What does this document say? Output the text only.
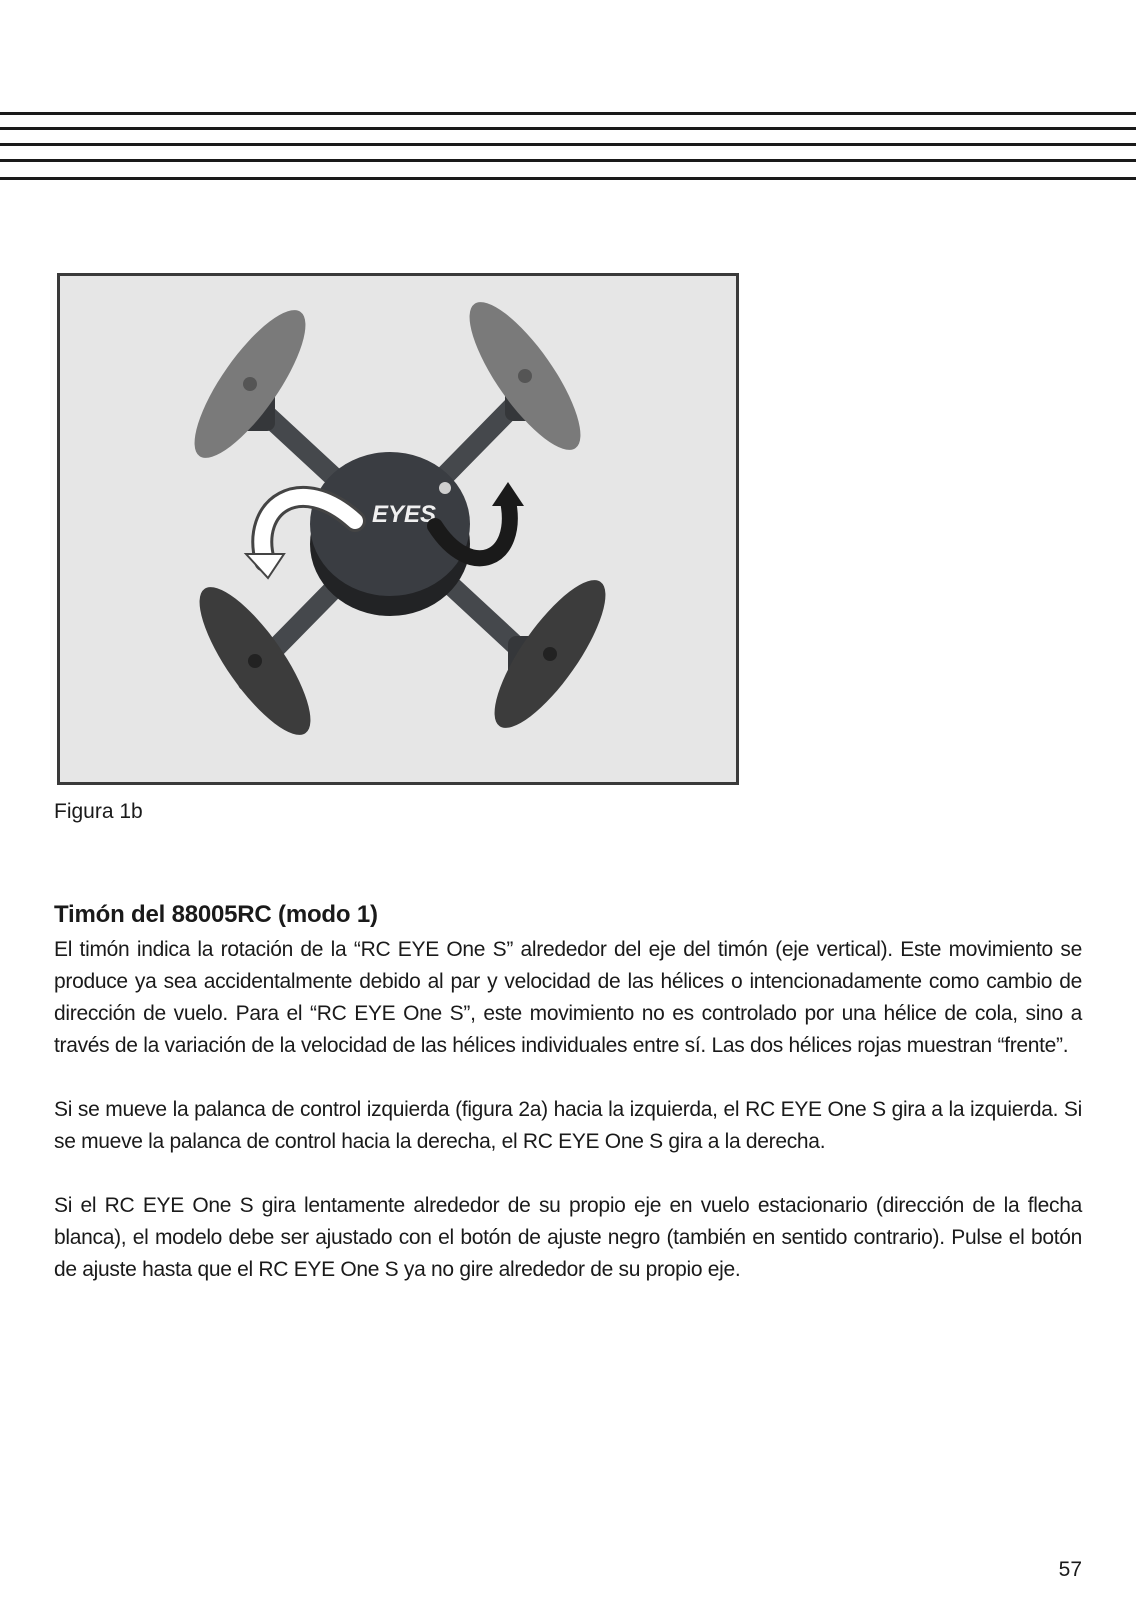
EYES
Figura 1b
Timón del 88005RC (modo 1)

El timón indica la rotación de la “RC EYE One S” alrededor del eje del timón (eje vertical). Este movimiento se produce ya sea accidentalmente debido al par y velocidad de las hélices o intencionadamente como cambio de dirección de vuelo. Para el “RC EYE One S”, este movimiento no es controlado por una hélice de cola, sino a través de la variación de la velocidad de las hélices individuales entre sí. Las dos hélices rojas muestran “frente”.

Si se mueve la palanca de control izquierda (figura 2a) hacia la izquierda, el RC EYE One S gira a la izquierda. Si se mueve la palanca de control hacia la derecha, el RC EYE One S gira a la derecha.

Si el RC EYE One S gira lentamente alrededor de su propio eje en vuelo estacionario (dirección de la flecha blanca), el modelo debe ser ajustado con el botón de ajuste negro (también en sentido contrario). Pulse el botón de ajuste hasta que el RC EYE One S ya no gire alrededor de su propio eje.

57
